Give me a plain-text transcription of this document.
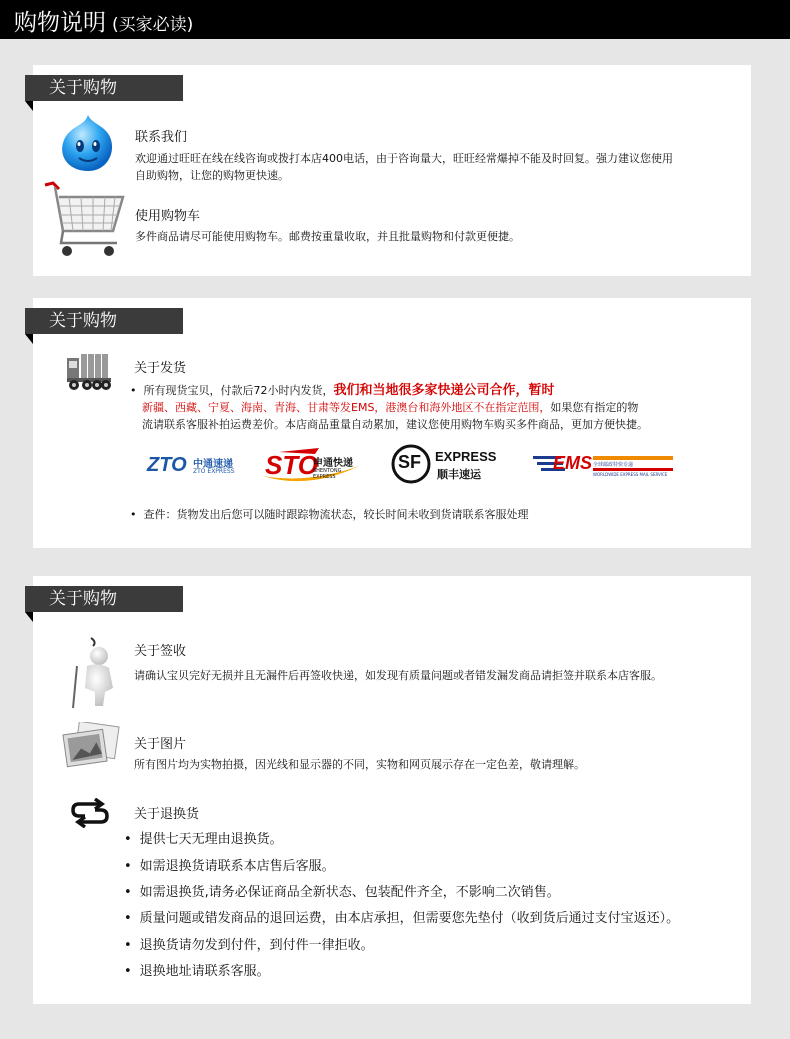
购物说明 (买家必读)
关于购物
联系我们
欢迎通过旺旺在线在线咨询或拨打本店400电话，由于咨询量大，旺旺经常爆掉不能及时回复。强力建议您使用
自助购物，让您的购物更快速。
使用购物车
多件商品请尽可能使用购物车。邮费按重量收取，并且批量购物和付款更便捷。
关于购物
关于发货
•  所有现货宝贝，付款后72小时内发货，我们和当地很多家快递公司合作，暂时
新疆、西藏、宁夏、海南、青海、甘肃等发EMS，港澳台和海外地区不在指定范围，如果您有指定的物
流请联系客服补拍运费差价。本店商品重量自动累加，建议您使用购物车购买多件商品，更加方便快捷。
ZTO 中通速递
ZTO EXPRESS STO
申通快递
SHENTONG EXPRESS
SF EXPRESS
顺丰速运
EMS 全球邮政特快专递
WORLDWIDE EXPRESS MAIL SERVICE
•  查件：货物发出后您可以随时跟踪物流状态，较长时间未收到货请联系客服处理
关于购物
关于签收
请确认宝贝完好无损并且无漏件后再签收快递，如发现有质量问题或者错发漏发商品请拒签并联系本店客服。
关于图片
所有图片均为实物拍摄，因光线和显示器的不同，实物和网页展示存在一定色差，敬请理解。
关于退换货
• 提供七天无理由退换货。
• 如需退换货请联系本店售后客服。
• 如需退换货,请务必保证商品全新状态、包装配件齐全，不影响二次销售。
• 质量问题或错发商品的退回运费，由本店承担，但需要您先垫付（收到货后通过支付宝返还）。
• 退换货请勿发到付件，到付件一律拒收。
• 退换地址请联系客服。
